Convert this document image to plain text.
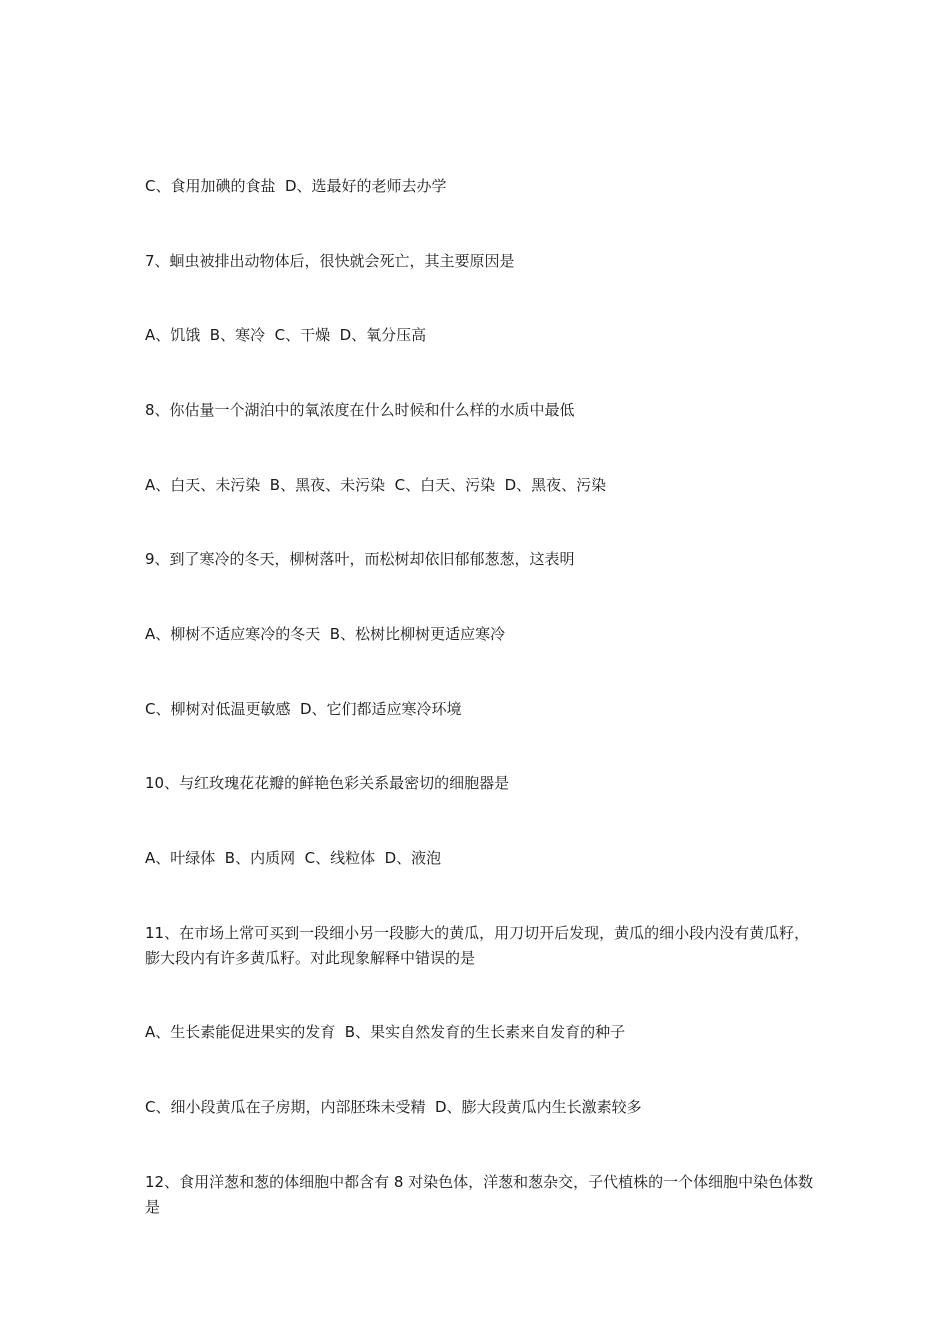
C、食用加碘的食盐  D、选最好的老师去办学
7、蛔虫被排出动物体后，很快就会死亡，其主要原因是
A、饥饿  B、寒冷  C、干燥  D、氧分压高
8、你估量一个湖泊中的氧浓度在什么时候和什么样的水质中最低
A、白天、未污染  B、黑夜、未污染  C、白天、污染  D、黑夜、污染
9、到了寒冷的冬天，柳树落叶，而松树却依旧郁郁葱葱，这表明
A、柳树不适应寒冷的冬天  B、松树比柳树更适应寒冷
C、柳树对低温更敏感  D、它们都适应寒冷环境
10、与红玫瑰花花瓣的鲜艳色彩关系最密切的细胞器是
A、叶绿体  B、内质网  C、线粒体  D、液泡
11、在市场上常可买到一段细小另一段膨大的黄瓜，用刀切开后发现，黄瓜的细小段内没有黄瓜籽，膨大段内有许多黄瓜籽。对此现象解释中错误的是
A、生长素能促进果实的发育  B、果实自然发育的生长素来自发育的种子
C、细小段黄瓜在子房期，内部胚珠未受精  D、膨大段黄瓜内生长激素较多
12、食用洋葱和葱的体细胞中都含有 8 对染色体，洋葱和葱杂交，子代植株的一个体细胞中染色体数是
